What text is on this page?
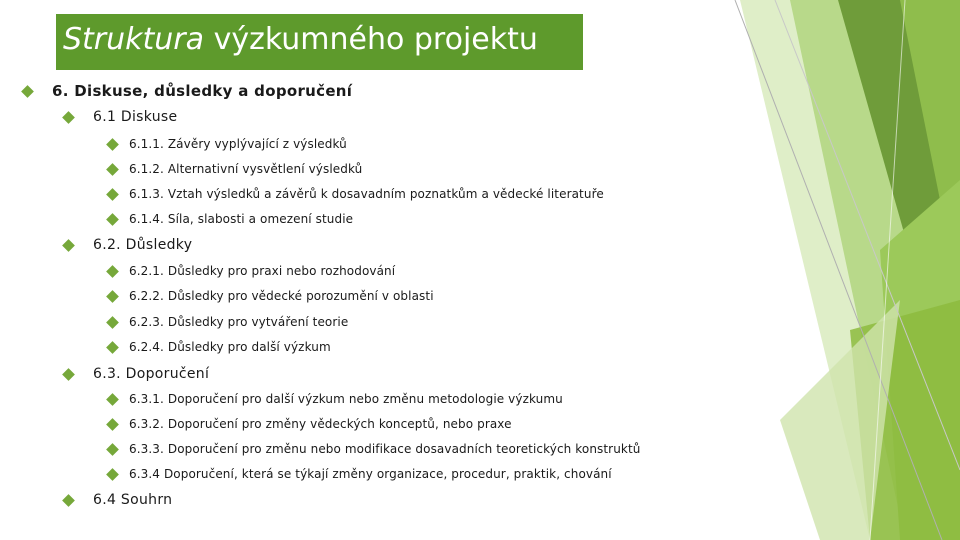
Struktura výzkumného projektu
6. Diskuse, důsledky a doporučení
6.1 Diskuse
6.1.1. Závěry vyplývající z výsledků
6.1.2. Alternativní vysvětlení výsledků
6.1.3. Vztah výsledků a závěrů k dosavadním poznatkům a vědecké literatuře
6.1.4. Síla, slabosti a omezení studie
6.2. Důsledky
6.2.1. Důsledky pro praxi nebo rozhodování
6.2.2. Důsledky pro vědecké porozumění v oblasti
6.2.3. Důsledky pro vytváření teorie
6.2.4. Důsledky pro další výzkum
6.3. Doporučení
6.3.1. Doporučení pro další výzkum nebo změnu metodologie výzkumu
6.3.2. Doporučení pro změny vědeckých konceptů, nebo praxe
6.3.3. Doporučení pro změnu nebo modifikace dosavadních teoretických konstruktů
6.3.4 Doporučení, která se týkají změny organizace, procedur, praktik, chování
6.4 Souhrn
